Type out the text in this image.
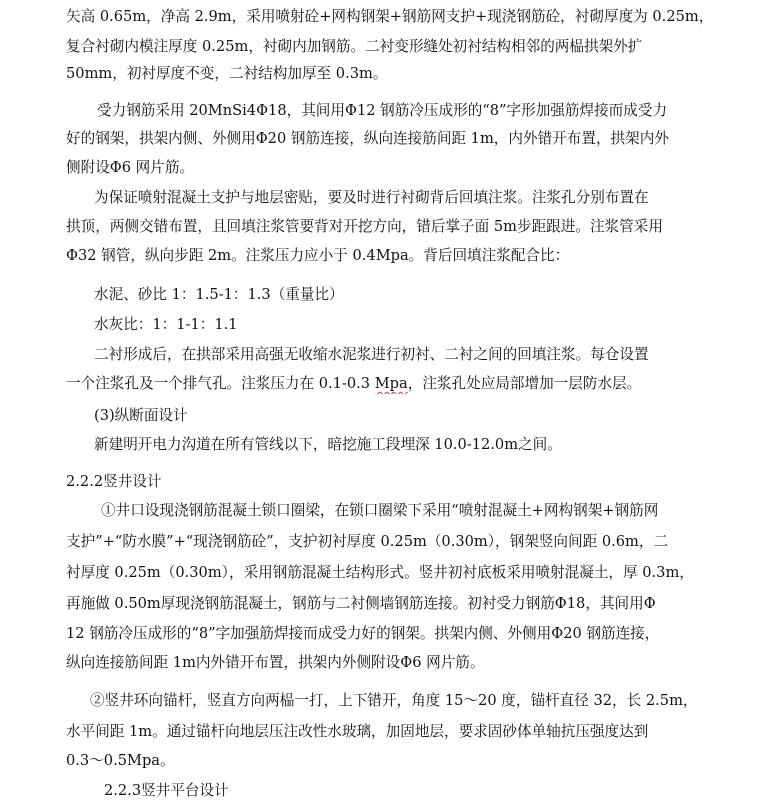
矢高 0.65m，净高 2.9m，采用喷射砼+网构钢架+钢筋网支护+现浇钢筋砼，衬砌厚度为 0.25m，
复合衬砌内模注厚度 0.25m，衬砌内加钢筋。二衬变形缝处初衬结构相邻的两榀拱架外扩
50mm，初衬厚度不变，二衬结构加厚至 0.3m。
受力钢筋采用 20MnSi4Φ18，其间用Φ12 钢筋冷压成形的“8”字形加强筋焊接而成受力
好的钢架，拱架内侧、外侧用Φ20 钢筋连接，纵向连接筋间距 1m，内外错开布置，拱架内外
侧附设Φ6 网片筋。
为保证喷射混凝土支护与地层密贴，要及时进行衬砌背后回填注浆。注浆孔分别布置在
拱顶，两侧交错布置，且回填注浆管要背对开挖方向，错后掌子面 5m步距跟进。注浆管采用
Φ32 钢管，纵向步距 2m。注浆压力应小于 0.4Mpa。背后回填注浆配合比：
水泥、砂比 1：1.5-1：1.3（重量比）
水灰比：1：1-1：1.1
二衬形成后，在拱部采用高强无收缩水泥浆进行初衬、二衬之间的回填注浆。每仓设置
一个注浆孔及一个排气孔。注浆压力在 0.1-0.3 Mpa，注浆孔处应局部增加一层防水层。
(3)纵断面设计
新建明开电力沟道在所有管线以下，暗挖施工段埋深 10.0-12.0m之间。
2.2.2竖井设计
①井口设现浇钢筋混凝土锁口圈梁，在锁口圈梁下采用“喷射混凝土+网构钢架+钢筋网
支护”+“防水膜”+“现浇钢筋砼”，支护初衬厚度 0.25m（0.30m），钢架竖向间距 0.6m，二
衬厚度 0.25m（0.30m），采用钢筋混凝土结构形式。竖井初衬底板采用喷射混凝土，厚 0.3m，
再施做 0.50m厚现浇钢筋混凝土，钢筋与二衬侧墙钢筋连接。初衬受力钢筋Φ18，其间用Φ
12 钢筋冷压成形的“8”字加强筋焊接而成受力好的钢架。拱架内侧、外侧用Φ20 钢筋连接，
纵向连接筋间距 1m内外错开布置，拱架内外侧附设Φ6 网片筋。
②竖井环向锚杆，竖直方向两榀一打，上下错开，角度 15～20 度，锚杆直径 32，长 2.5m，
水平间距 1m。通过锚杆向地层压注改性水玻璃，加固地层，要求固砂体单轴抗压强度达到
0.3～0.5Mpa。
2.2.3竖井平台设计
